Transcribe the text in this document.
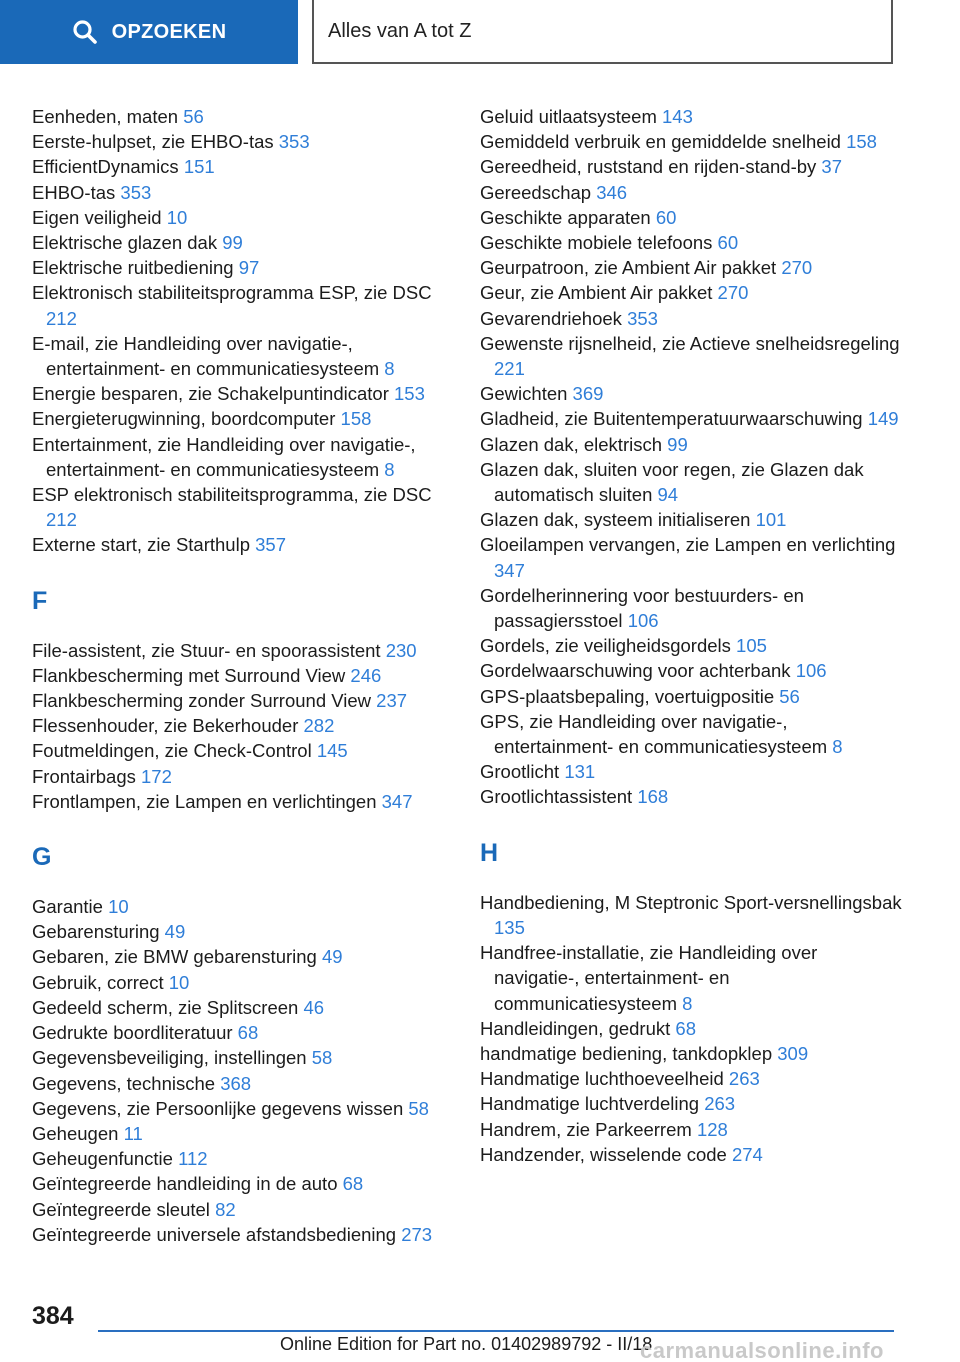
OPZOEKEN	Alles van A tot Z
Eenheden, maten 56
Eerste-hulpset, zie EHBO-tas 353
EfficientDynamics 151
EHBO-tas 353
Eigen veiligheid 10
Elektrische glazen dak 99
Elektrische ruitbediening 97
Elektronisch stabiliteitsprogramma ESP, zie DSC 212
E-mail, zie Handleiding over navigatie-, entertainment- en communicatiesysteem 8
Energie besparen, zie Schakelpuntindicator 153
Energieterugwinning, boordcomputer 158
Entertainment, zie Handleiding over navigatie-, entertainment- en communicatiesysteem 8
ESP elektronisch stabiliteitsprogramma, zie DSC 212
Externe start, zie Starthulp 357
F
File-assistent, zie Stuur- en spoorassistent 230
Flankbescherming met Surround View 246
Flankbescherming zonder Surround View 237
Flessenhouder, zie Bekerhouder 282
Foutmeldingen, zie Check-Control 145
Frontairbags 172
Frontlampen, zie Lampen en verlichtingen 347
G
Garantie 10
Gebarensturing 49
Gebaren, zie BMW gebarensturing 49
Gebruik, correct 10
Gedeeld scherm, zie Splitscreen 46
Gedrukte boordliteratuur 68
Gegevensbeveiliging, instellingen 58
Gegevens, technische 368
Gegevens, zie Persoonlijke gegevens wissen 58
Geheugen 11
Geheugenfunctie 112
Geïntegreerde handleiding in de auto 68
Geïntegreerde sleutel 82
Geïntegreerde universele afstandsbediening 273
Geluid uitlaatsysteem 143
Gemiddeld verbruik en gemiddelde snelheid 158
Gereedheid, ruststand en rijden-stand-by 37
Gereedschap 346
Geschikte apparaten 60
Geschikte mobiele telefoons 60
Geurpatroon, zie Ambient Air pakket 270
Geur, zie Ambient Air pakket 270
Gevarendriehoek 353
Gewenste rijsnelheid, zie Actieve snelheidsregeling 221
Gewichten 369
Gladheid, zie Buitentemperatuurwaarschuwing 149
Glazen dak, elektrisch 99
Glazen dak, sluiten voor regen, zie Glazen dak automatisch sluiten 94
Glazen dak, systeem initialiseren 101
Gloeilampen vervangen, zie Lampen en verlichting 347
Gordelherinnering voor bestuurders- en passagiersstoel 106
Gordels, zie veiligheidsgordels 105
Gordelwaarschuwing voor achterbank 106
GPS-plaatsbepaling, voertuigpositie 56
GPS, zie Handleiding over navigatie-, entertainment- en communicatiesysteem 8
Grootlicht 131
Grootlichtassistent 168
H
Handbediening, M Steptronic Sport-versnellingsbak 135
Handfree-installatie, zie Handleiding over navigatie-, entertainment- en communicatiesysteem 8
Handleidingen, gedrukt 68
handmatige bediening, tankdopklep 309
Handmatige luchthoeveelheid 263
Handmatige luchtverdeling 263
Handrem, zie Parkeerrem 128
Handzender, wisselende code 274
384
Online Edition for Part no. 01402989792 - II/18
carmanualsonline.info
